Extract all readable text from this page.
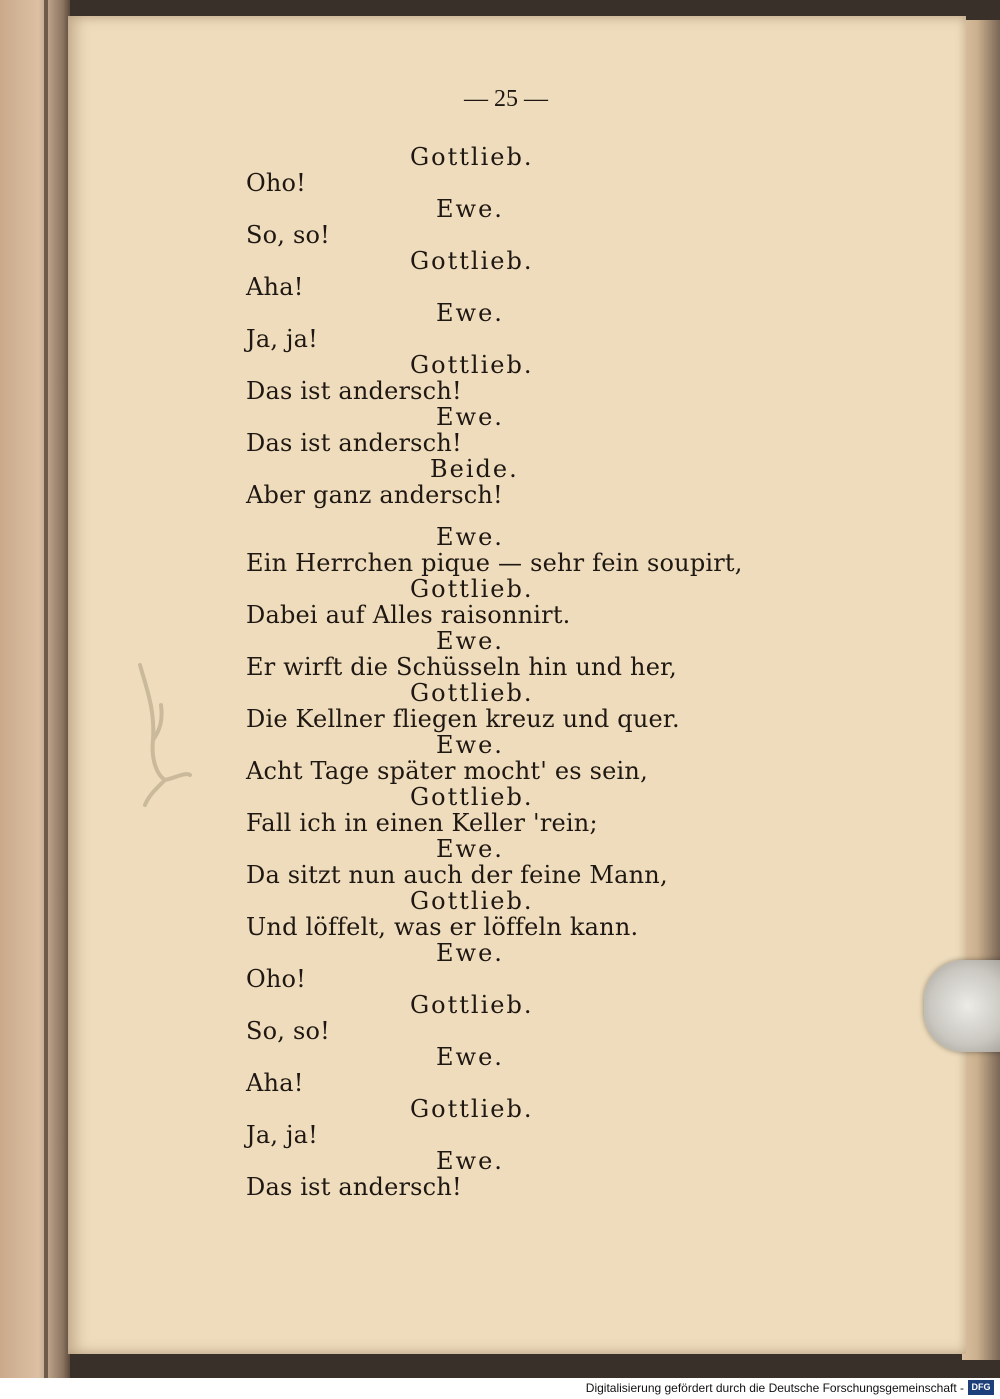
— 25 —
Gottlieb.
Oho!
Ewe.
So, so!
Gottlieb.
Aha!
Ewe.
Ja, ja!
Gottlieb.
Das ist andersch!
Ewe.
Das ist andersch!
Beide.
Aber ganz andersch!
Ewe.
Ein Herrchen pique — sehr fein soupirt,
Gottlieb.
Dabei auf Alles raisonnirt.
Ewe.
Er wirft die Schüsseln hin und her,
Gottlieb.
Die Kellner fliegen kreuz und quer.
Ewe.
Acht Tage später mocht' es sein,
Gottlieb.
Fall ich in einen Keller 'rein;
Ewe.
Da sitzt nun auch der feine Mann,
Gottlieb.
Und löffelt, was er löffeln kann.
Ewe.
Oho!
Gottlieb.
So, so!
Ewe.
Aha!
Gottlieb.
Ja, ja!
Ewe.
Das ist andersch!
Digitalisierung gefördert durch die Deutsche Forschungsgemeinschaft - DFG
